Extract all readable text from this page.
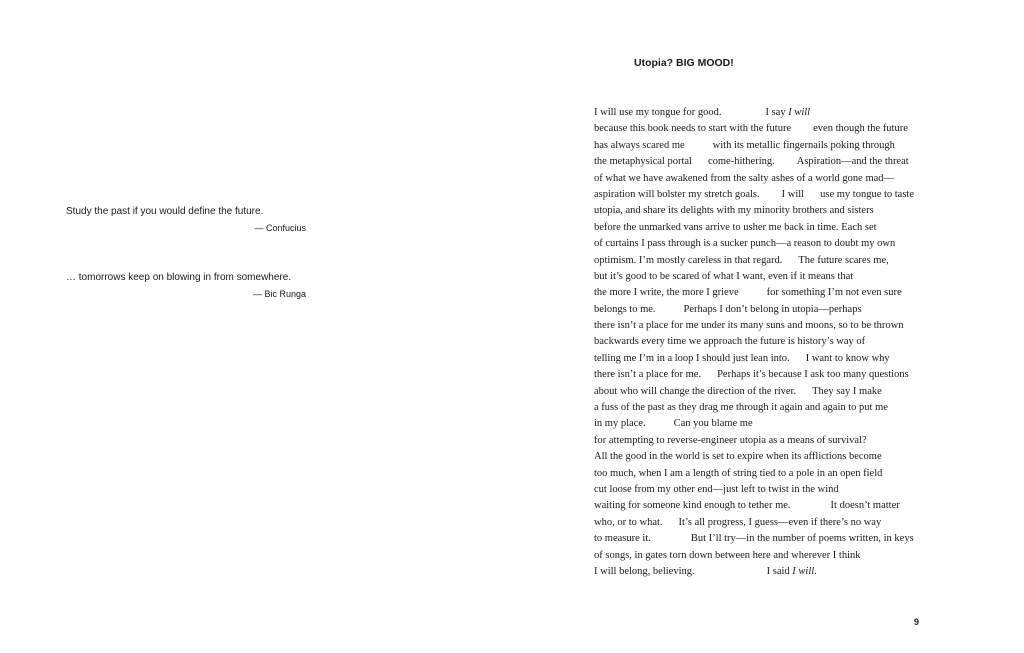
Study the past if you would define the future.
— Confucius
… tomorrows keep on blowing in from somewhere.
— Bic Runga
Utopia? BIG MOOD!
I will use my tongue for good.	I say I will
because this book needs to start with the future even though the future
has always scared me	with its metallic fingernails poking through
the metaphysical portal come-hithering. Aspiration—and the threat
of what we have awakened from the salty ashes of a world gone mad—
aspiration will bolster my stretch goals. I will use my tongue to taste
utopia, and share its delights with my minority brothers and sisters
before the unmarked vans arrive to usher me back in time. Each set
of curtains I pass through is a sucker punch—a reason to doubt my own
optimism. I’m mostly careless in that regard. The future scares me,
but it’s good to be scared of what I want, even if it means that
the more I write, the more I grieve	for something I’m not even sure
belongs to me.	Perhaps I don’t belong in utopia—perhaps
there isn’t a place for me under its many suns and moons, so to be thrown
backwards every time we approach the future is history’s way of
telling me I’m in a loop I should just lean into. I want to know why
there isn’t a place for me. Perhaps it’s because I ask too many questions
about who will change the direction of the river. They say I make
a fuss of the past as they drag me through it again and again to put me
in my place.	Can you blame me
for attempting to reverse-engineer utopia as a means of survival?
All the good in the world is set to expire when its afflictions become
too much, when I am a length of string tied to a pole in an open field
cut loose from my other end—just left to twist in the wind
waiting for someone kind enough to tether me.	It doesn’t matter
who, or to what. It’s all progress, I guess—even if there’s no way
to measure it.	But I’ll try—in the number of poems written, in keys
of songs, in gates torn down between here and wherever I think
I will belong, believing.	I said I will.
9
